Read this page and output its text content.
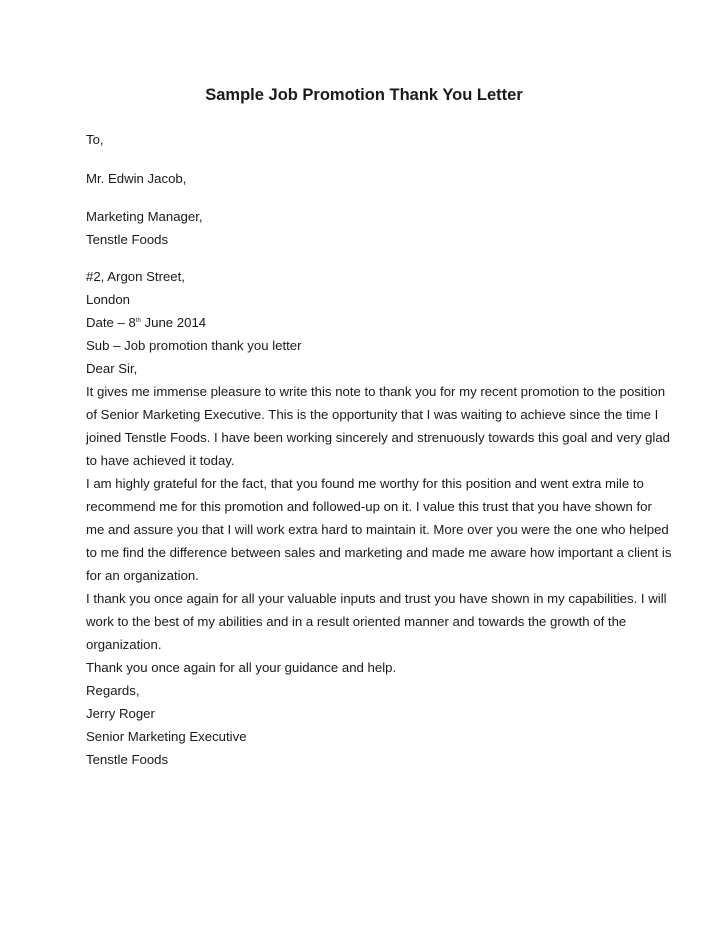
Sample Job Promotion Thank You Letter
To,
Mr. Edwin Jacob,
Marketing Manager,
Tenstle Foods
#2, Argon Street,
London
Date – 8th June 2014
Sub – Job promotion thank you letter
Dear Sir,
It gives me immense pleasure to write this note to thank you for my recent promotion to the position
of Senior Marketing Executive. This is the opportunity that I was waiting to achieve since the time I
joined Tenstle Foods. I have been working sincerely and strenuously towards this goal and very glad
to have achieved it today.
I am highly grateful for the fact, that you found me worthy for this position and went extra mile to
recommend me for this promotion and followed-up on it. I value this trust that you have shown for
me and assure you that I will work extra hard to maintain it. More over you were the one who helped
to me find the difference between sales and marketing and made me aware how important a client is
for an organization.
I thank you once again for all your valuable inputs and trust you have shown in my capabilities. I will
work to the best of my abilities and in a result oriented manner and towards the growth of the
organization.
Thank you once again for all your guidance and help.
Regards,
Jerry Roger
Senior Marketing Executive
Tenstle Foods
